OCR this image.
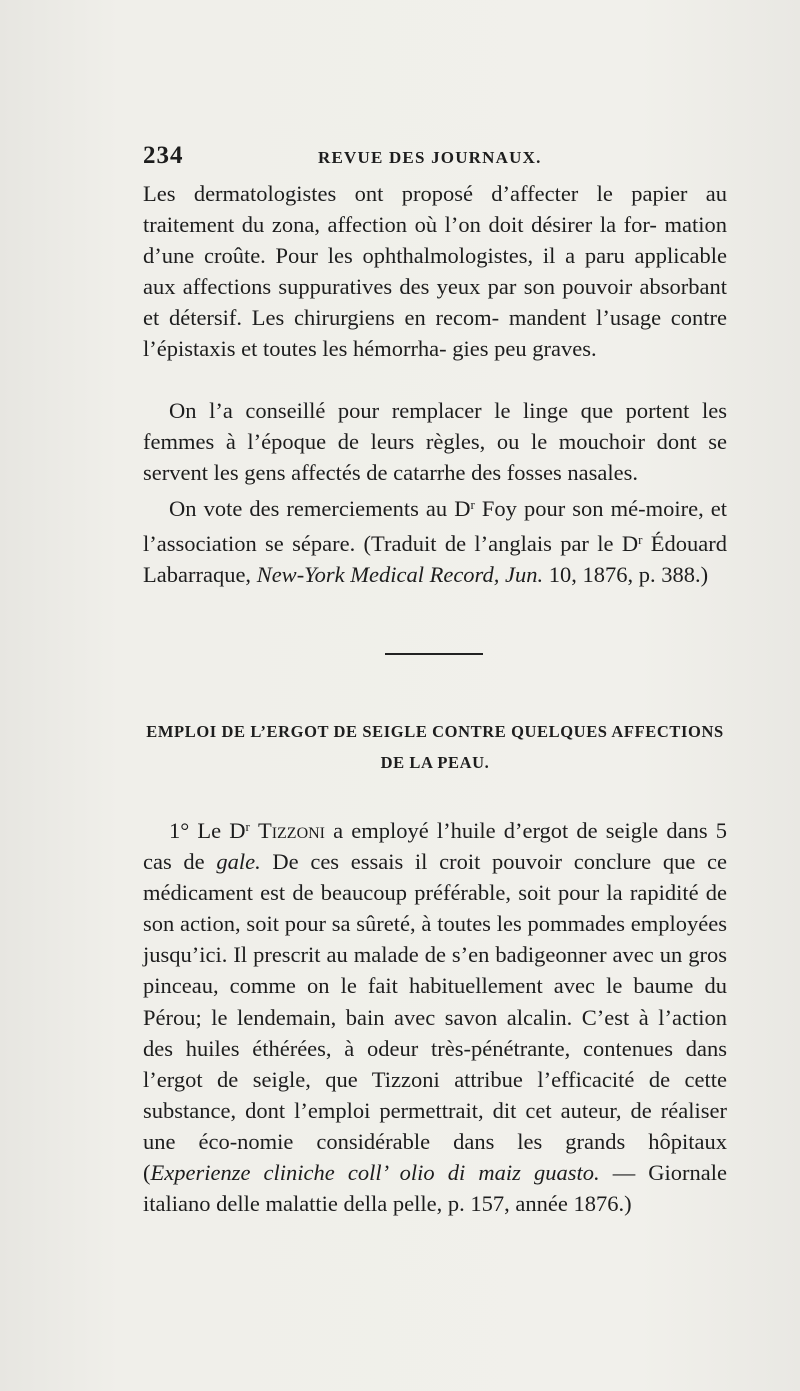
234	REVUE DES JOURNAUX.
Les dermatologistes ont proposé d’affecter le papier au traitement du zona, affection où l’on doit désirer la for- mation d’une croûte. Pour les ophthalmologistes, il a paru applicable aux affections suppuratives des yeux par son pouvoir absorbant et détersif. Les chirurgiens en recom- mandent l’usage contre l’épistaxis et toutes les hémorrha- gies peu graves.
On l’a conseillé pour remplacer le linge que portent les femmes à l’époque de leurs règles, ou le mouchoir dont se servent les gens affectés de catarrhe des fosses nasales.
On vote des remerciements au $D^r$ Foy pour son mé-moire, et l’association se sépare. (Traduit de l’anglais par le $D^r$ Édouard Labarraque, New-York Medical Record, Jun. 10, 1876, p. 388.)
EMPLOI DE L’ERGOT DE SEIGLE CONTRE QUELQUES AFFECTIONS
DE LA PEAU.
1° Le $D^r$ Tizzoni a employé l’huile d’ergot de seigle dans 5 cas de gale. De ces essais il croit pouvoir conclure que ce médicament est de beaucoup préférable, soit pour la rapidité de son action, soit pour sa sûreté, à toutes les pommades employées jusqu’ici. Il prescrit au malade de s’en badigeonner avec un gros pinceau, comme on le fait habituellement avec le baume du Pérou; le lendemain, bain avec savon alcalin. C’est à l’action des huiles éthérées, à odeur très-pénétrante, contenues dans l’ergot de seigle, que Tizzoni attribue l’efficacité de cette substance, dont l’emploi permettrait, dit cet auteur, de réaliser une éco-nomie considérable dans les grands hôpitaux (Experienze cliniche coll’ olio di maiz guasto. — Giornale italiano delle malattie della pelle, p. 157, année 1876.)
